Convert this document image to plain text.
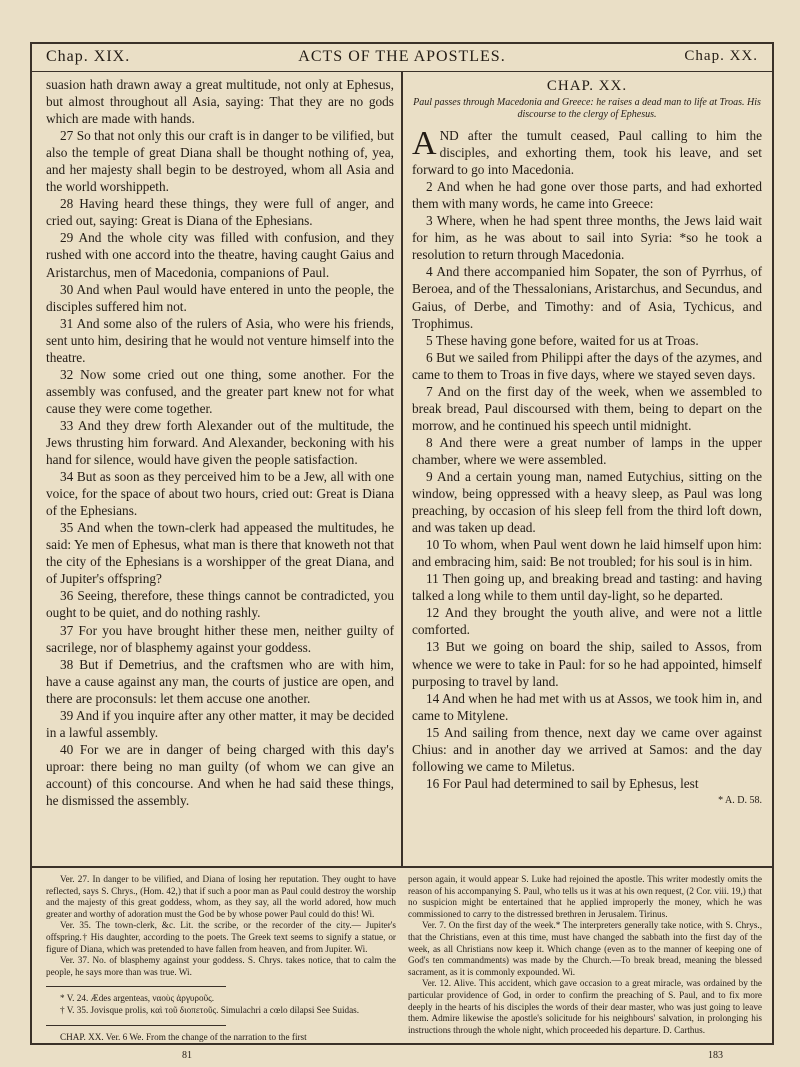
Chap. XIX.	ACTS OF THE APOSTLES.	Chap. XX.

suasion hath drawn away a great multitude, not only at Ephesus, but almost throughout all Asia, saying: That they are no gods which are made with hands.

27 So that not only this our craft is in danger to be vilified, but also the temple of great Diana shall be thought nothing of, yea, and her majesty shall begin to be destroyed, whom all Asia and the world worshippeth.

28 Having heard these things, they were full of anger, and cried out, saying: Great is Diana of the Ephesians.

29 And the whole city was filled with confusion, and they rushed with one accord into the theatre, having caught Gaius and Aristarchus, men of Macedonia, companions of Paul.

30 And when Paul would have entered in unto the people, the disciples suffered him not.

31 And some also of the rulers of Asia, who were his friends, sent unto him, desiring that he would not venture himself into the theatre.

32 Now some cried out one thing, some another. For the assembly was confused, and the greater part knew not for what cause they were come together.

33 And they drew forth Alexander out of the multitude, the Jews thrusting him forward. And Alexander, beckoning with his hand for silence, would have given the people satisfaction.

34 But as soon as they perceived him to be a Jew, all with one voice, for the space of about two hours, cried out: Great is Diana of the Ephesians.

35 And when the town-clerk had appeased the multitudes, he said: Ye men of Ephesus, what man is there that knoweth not that the city of the Ephesians is a worshipper of the great Diana, and of Jupiter's offspring?

36 Seeing, therefore, these things cannot be contradicted, you ought to be quiet, and do nothing rashly.

37 For you have brought hither these men, neither guilty of sacrilege, nor of blasphemy against your goddess.

38 But if Demetrius, and the craftsmen who are with him, have a cause against any man, the courts of justice are open, and there are proconsuls: let them accuse one another.

39 And if you inquire after any other matter, it may be decided in a lawful assembly.

40 For we are in danger of being charged with this day's uproar: there being no man guilty (of whom we can give an account) of this concourse. And when he had said these things, he dismissed the assembly.

CHAP. XX.
Paul passes through Macedonia and Greece: he raises a dead man to life at Troas. His discourse to the clergy of Ephesus.

AND after the tumult ceased, Paul calling to him the disciples, and exhorting them, took his leave, and set forward to go into Macedonia.

2 And when he had gone over those parts, and had exhorted them with many words, he came into Greece:

3 Where, when he had spent three months, the Jews laid wait for him, as he was about to sail into Syria: *so he took a resolution to return through Macedonia.

4 And there accompanied him Sopater, the son of Pyrrhus, of Beroea, and of the Thessalonians, Aristarchus, and Secundus, and Gaius, of Derbe, and Timothy: and of Asia, Tychicus, and Trophimus.

5 These having gone before, waited for us at Troas.

6 But we sailed from Philippi after the days of the azymes, and came to them to Troas in five days, where we stayed seven days.

7 And on the first day of the week, when we assembled to break bread, Paul discoursed with them, being to depart on the morrow, and he continued his speech until midnight.

8 And there were a great number of lamps in the upper chamber, where we were assembled.

9 And a certain young man, named Eutychius, sitting on the window, being oppressed with a heavy sleep, as Paul was long preaching, by occasion of his sleep fell from the third loft down, and was taken up dead.

10 To whom, when Paul went down he laid himself upon him: and embracing him, said: Be not troubled; for his soul is in him.

11 Then going up, and breaking bread and tasting: and having talked a long while to them until day-light, so he departed.

12 And they brought the youth alive, and were not a little comforted.

13 But we going on board the ship, sailed to Assos, from whence we were to take in Paul: for so he had appointed, himself purposing to travel by land.

14 And when he had met with us at Assos, we took him in, and came to Mitylene.

15 And sailing from thence, next day we came over against Chius: and in another day we arrived at Samos: and the day following we came to Miletus.

16 For Paul had determined to sail by Ephesus, lest

* A. D. 58.

Ver. 27. In danger to be vilified, and Diana of losing her reputation. They ought to have reflected, says S. Chrys., (Hom. 42,) that if such a poor man as Paul could destroy the worship and the majesty of this great goddess, whom, as they say, all the world adored, how much greater and worthy of adoration must the God be by whose power Paul could do this! Wi.

Ver. 35. The town-clerk, &c. Lit. the scribe, or the recorder of the city.— Jupiter's offspring.† His daughter, according to the poets. The Greek text seems to signify a statue, or figure of Diana, which was pretended to have fallen from heaven, and from Jupiter. Wi.

Ver. 37. No. of blasphemy against your goddess. S. Chrys. takes notice, that to calm the people, he says more than was true. Wi.

* V. 24. Ædes argenteas, ναοὺς ἀργυροῦς.

† V. 35. Jovisque prolis, καὶ τοῦ διοπετοῦς. Simulachri a cœlo dilapsi See Suidas.

CHAP. XX. Ver. 6 We. From the change of the narration to the first

person again, it would appear S. Luke had rejoined the apostle. This writer modestly omits the reason of his accompanying S. Paul, who tells us it was at his own request, (2 Cor. viii. 19,) that no suspicion might be entertained that he applied improperly the money, which he was commissioned to carry to the distressed brethren in Jerusalem. Tirinus.

Ver. 7. On the first day of the week.* The interpreters generally take notice, with S. Chrys., that the Christians, even at this time, must have changed the sabbath into the first day of the week, as all Christians now keep it. Which change (even as to the manner of keeping one of God's ten commandments) was made by the Church.—To break bread, meaning the blessed sacrament, as it is commonly expounded. Wi.

Ver. 12. Alive. This accident, which gave occasion to a great miracle, was ordained by the particular providence of God, in order to confirm the preaching of S. Paul, and to fix more deeply in the hearts of his disciples the words of their dear master, who was just going to leave them. Admire likewise the apostle's solicitude for his neighbours' salvation, in prolonging his instructions through the whole night, which proceeded his departure. D. Carthus.

81	183
